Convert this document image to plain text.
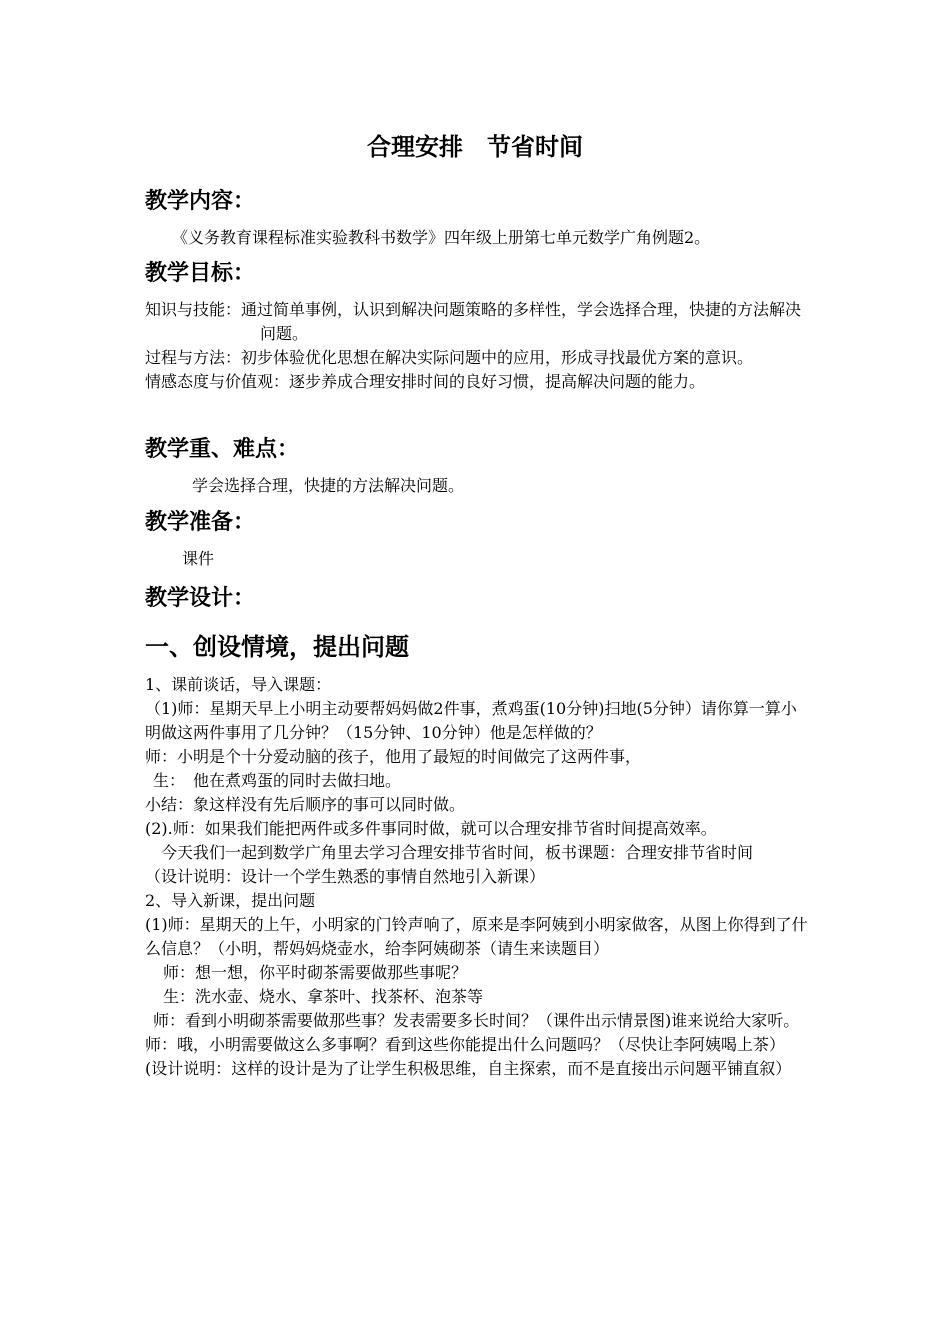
合理安排　节省时间
教学内容：
《义务教育课程标准实验教科书数学》四年级上册第七单元数学广角例题2。
教学目标：

知识与技能：通过简单事例，认识到解决问题策略的多样性，学会选择合理，快捷的方法解决问题。

过程与方法：初步体验优化思想在解决实际问题中的应用，形成寻找最优方案的意识。

情感态度与价值观：逐步养成合理安排时间的良好习惯，提高解决问题的能力。

教学重、难点：
学会选择合理，快捷的方法解决问题。
教学准备：
课件
教学设计：
一、创设情境，提出问题

1、课前谈话，导入课题：

（1)师：星期天早上小明主动要帮妈妈做2件事，煮鸡蛋(10分钟)扫地(5分钟）请你算一算小明做这两件事用了几分钟？（15分钟、10分钟）他是怎样做的？

师：小明是个十分爱动脑的孩子，他用了最短的时间做完了这两件事，

生：　他在煮鸡蛋的同时去做扫地。

小结：象这样没有先后顺序的事可以同时做。

(2).师：如果我们能把两件或多件事同时做，就可以合理安排节省时间提高效率。

今天我们一起到数学广角里去学习合理安排节省时间，板书课题：合理安排节省时间

（设计说明：设计一个学生熟悉的事情自然地引入新课）

2、导入新课，提出问题

(1)师：星期天的上午，小明家的门铃声响了，原来是李阿姨到小明家做客，从图上你得到了什么信息？（小明，帮妈妈烧壶水，给李阿姨砌茶（请生来读题目）

师：想一想，你平时砌茶需要做那些事呢？

生：洗水壶、烧水、拿茶叶、找茶杯、泡茶等

师：看到小明砌茶需要做那些事？发表需要多长时间？（课件出示情景图)谁来说给大家听。

师：哦，小明需要做这么多事啊？看到这些你能提出什么问题吗？（尽快让李阿姨喝上茶）

(设计说明：这样的设计是为了让学生积极思维，自主探索，而不是直接出示问题平铺直叙）
